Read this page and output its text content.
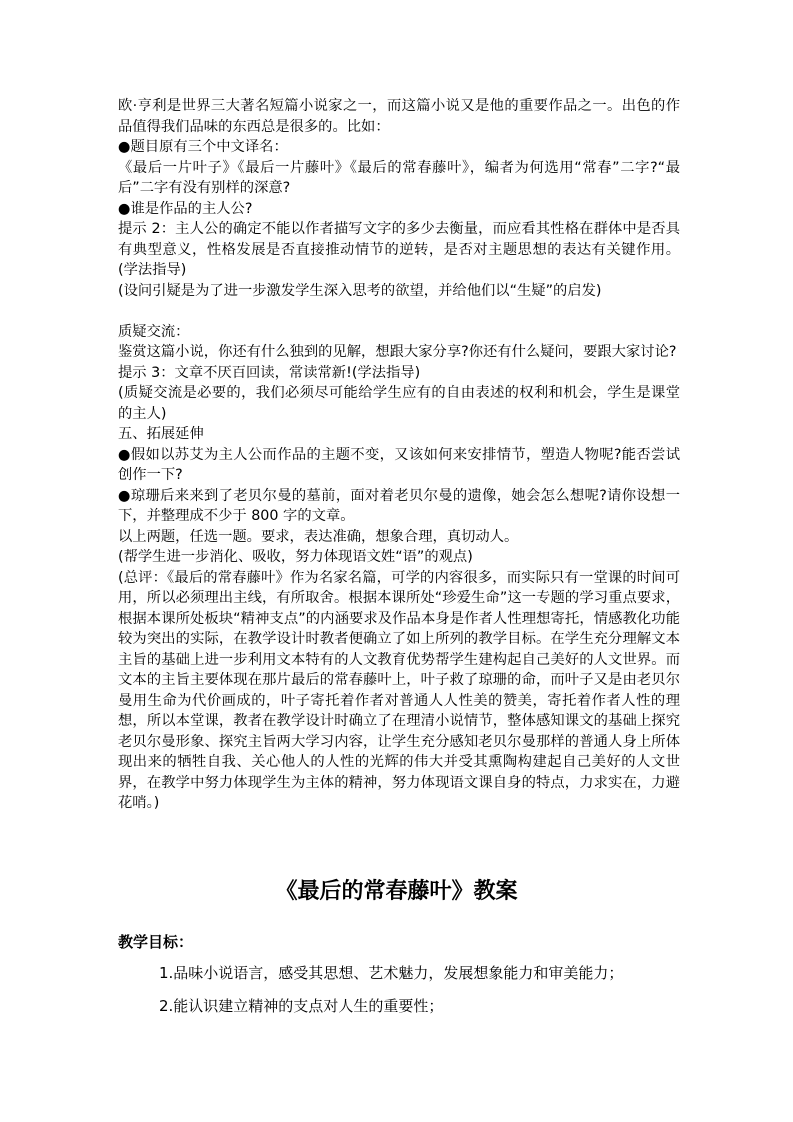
欧·亨利是世界三大著名短篇小说家之一，而这篇小说又是他的重要作品之一。出色的作品值得我们品味的东西总是很多的。比如：

●题目原有三个中文译名：

《最后一片叶子》《最后一片藤叶》《最后的常春藤叶》，编者为何选用“常春”二字?“最后”二字有没有别样的深意?

●谁是作品的主人公?

提示 2：主人公的确定不能以作者描写文字的多少去衡量，而应看其性格在群体中是否具有典型意义，性格发展是否直接推动情节的逆转，是否对主题思想的表达有关键作用。(学法指导)

(设问引疑是为了进一步激发学生深入思考的欲望，并给他们以“生疑”的启发)

质疑交流：

鉴赏这篇小说，你还有什么独到的见解，想跟大家分享?你还有什么疑问，要跟大家讨论?

提示 3：文章不厌百回读，常读常新!(学法指导)

(质疑交流是必要的，我们必须尽可能给学生应有的自由表述的权利和机会，学生是课堂的主人)

五、拓展延伸

●假如以苏艾为主人公而作品的主题不变，又该如何来安排情节，塑造人物呢?能否尝试创作一下?

●琼珊后来来到了老贝尔曼的墓前，面对着老贝尔曼的遗像，她会怎么想呢?请你设想一下，并整理成不少于 800 字的文章。

以上两题，任选一题。要求，表达准确，想象合理，真切动人。

(帮学生进一步消化、吸收，努力体现语文姓“语”的观点)

(总评：《最后的常春藤叶》作为名家名篇，可学的内容很多，而实际只有一堂课的时间可用，所以必须理出主线，有所取舍。根据本课所处“珍爱生命”这一专题的学习重点要求，根据本课所处板块“精神支点”的内涵要求及作品本身是作者人性理想寄托，情感教化功能较为突出的实际，在教学设计时教者便确立了如上所列的教学目标。在学生充分理解文本主旨的基础上进一步利用文本特有的人文教育优势帮学生建构起自己美好的人文世界。而文本的主旨主要体现在那片最后的常春藤叶上，叶子救了琼珊的命，而叶子又是由老贝尔曼用生命为代价画成的，叶子寄托着作者对普通人人性美的赞美，寄托着作者人性的理想，所以本堂课，教者在教学设计时确立了在理清小说情节，整体感知课文的基础上探究老贝尔曼形象、探究主旨两大学习内容，让学生充分感知老贝尔曼那样的普通人身上所体现出来的牺牲自我、关心他人的人性的光辉的伟大并受其熏陶构建起自己美好的人文世界，在教学中努力体现学生为主体的精神，努力体现语文课自身的特点，力求实在，力避花哨。)

《最后的常春藤叶》教案
教学目标：
1.品味小说语言，感受其思想、艺术魅力，发展想象能力和审美能力；
2.能认识建立精神的支点对人生的重要性；
